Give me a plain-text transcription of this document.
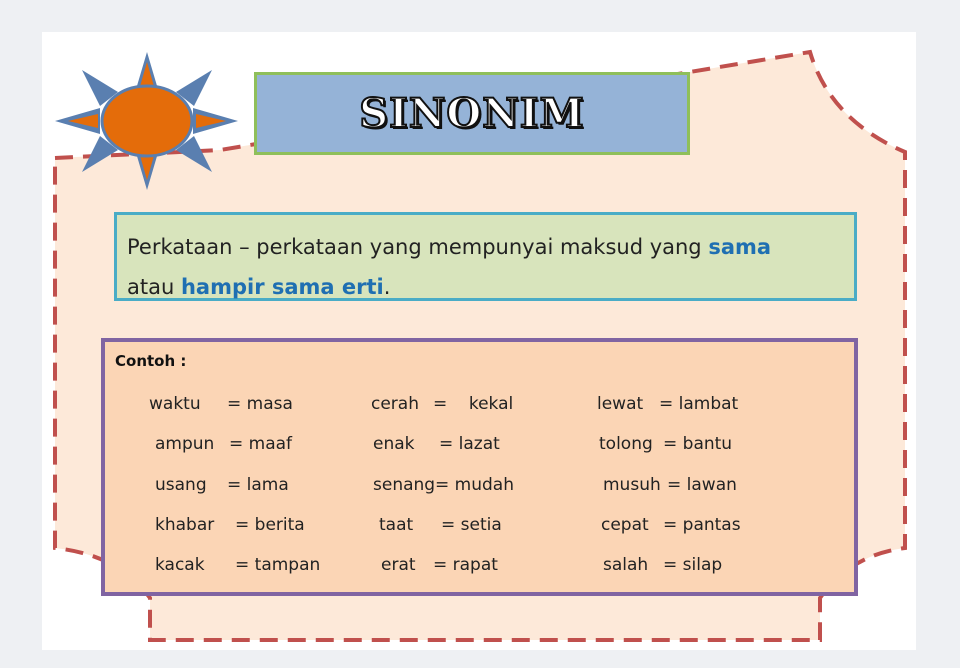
SINONIM
Perkataan – perkataan yang mempunyai maksud yang sama
atau hampir sama erti.
Contoh :
waktu = masa
ampun = maaf
usang = lama
khabar = berita
kacak = tampan
cerah =    kekal
enak = lazat
senang= mudah
taat = setia
erat = rapat
lewat = lambat
tolong = bantu
musuh = lawan
cepat = pantas
salah = silap
